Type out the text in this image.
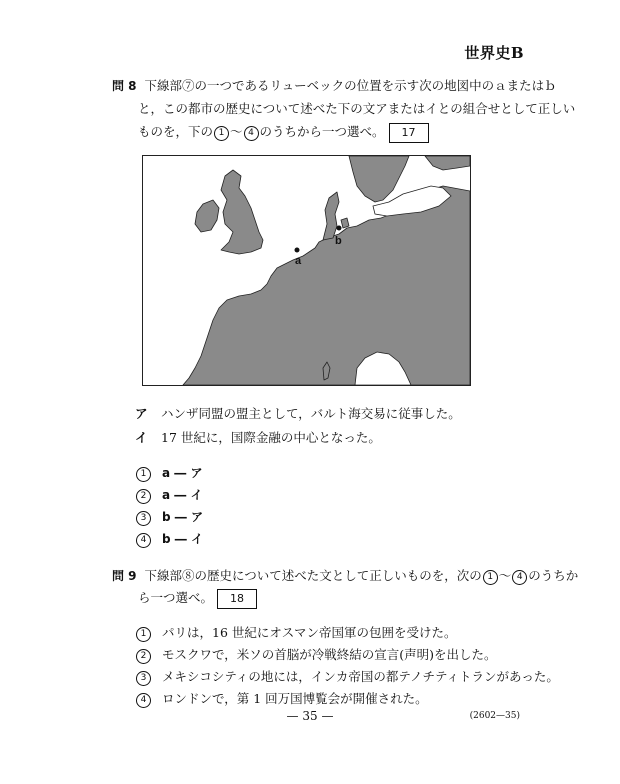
世界史B
問 8 下線部⑦の一つであるリューベックの位置を示す次の地図中のａまたはｂ
と，この都市の歴史について述べた下の文アまたはイとの組合せとして正しい
ものを，下の 1 ～ 4 のうちから一つ選べ。 17
a
b
ア ハンザ同盟の盟主として，バルト海交易に従事した。
イ 17 世紀に，国際金融の中心となった。
1 a ― ア
2 a ― イ
3 b ― ア
4 b ― イ
問 9 下線部⑧の歴史について述べた文として正しいものを，次の 1 ～ 4 のうちか
ら一つ選べ。 18
1 パリは，16 世紀にオスマン帝国軍の包囲を受けた。
2 モスクワで，米ソの首脳が冷戦終結の宣言(声明)を出した。
3 メキシコシティの地には，インカ帝国の都テノチティトランがあった。
4 ロンドンで，第 1 回万国博覧会が開催された。
— 35 —	(2602—35)
